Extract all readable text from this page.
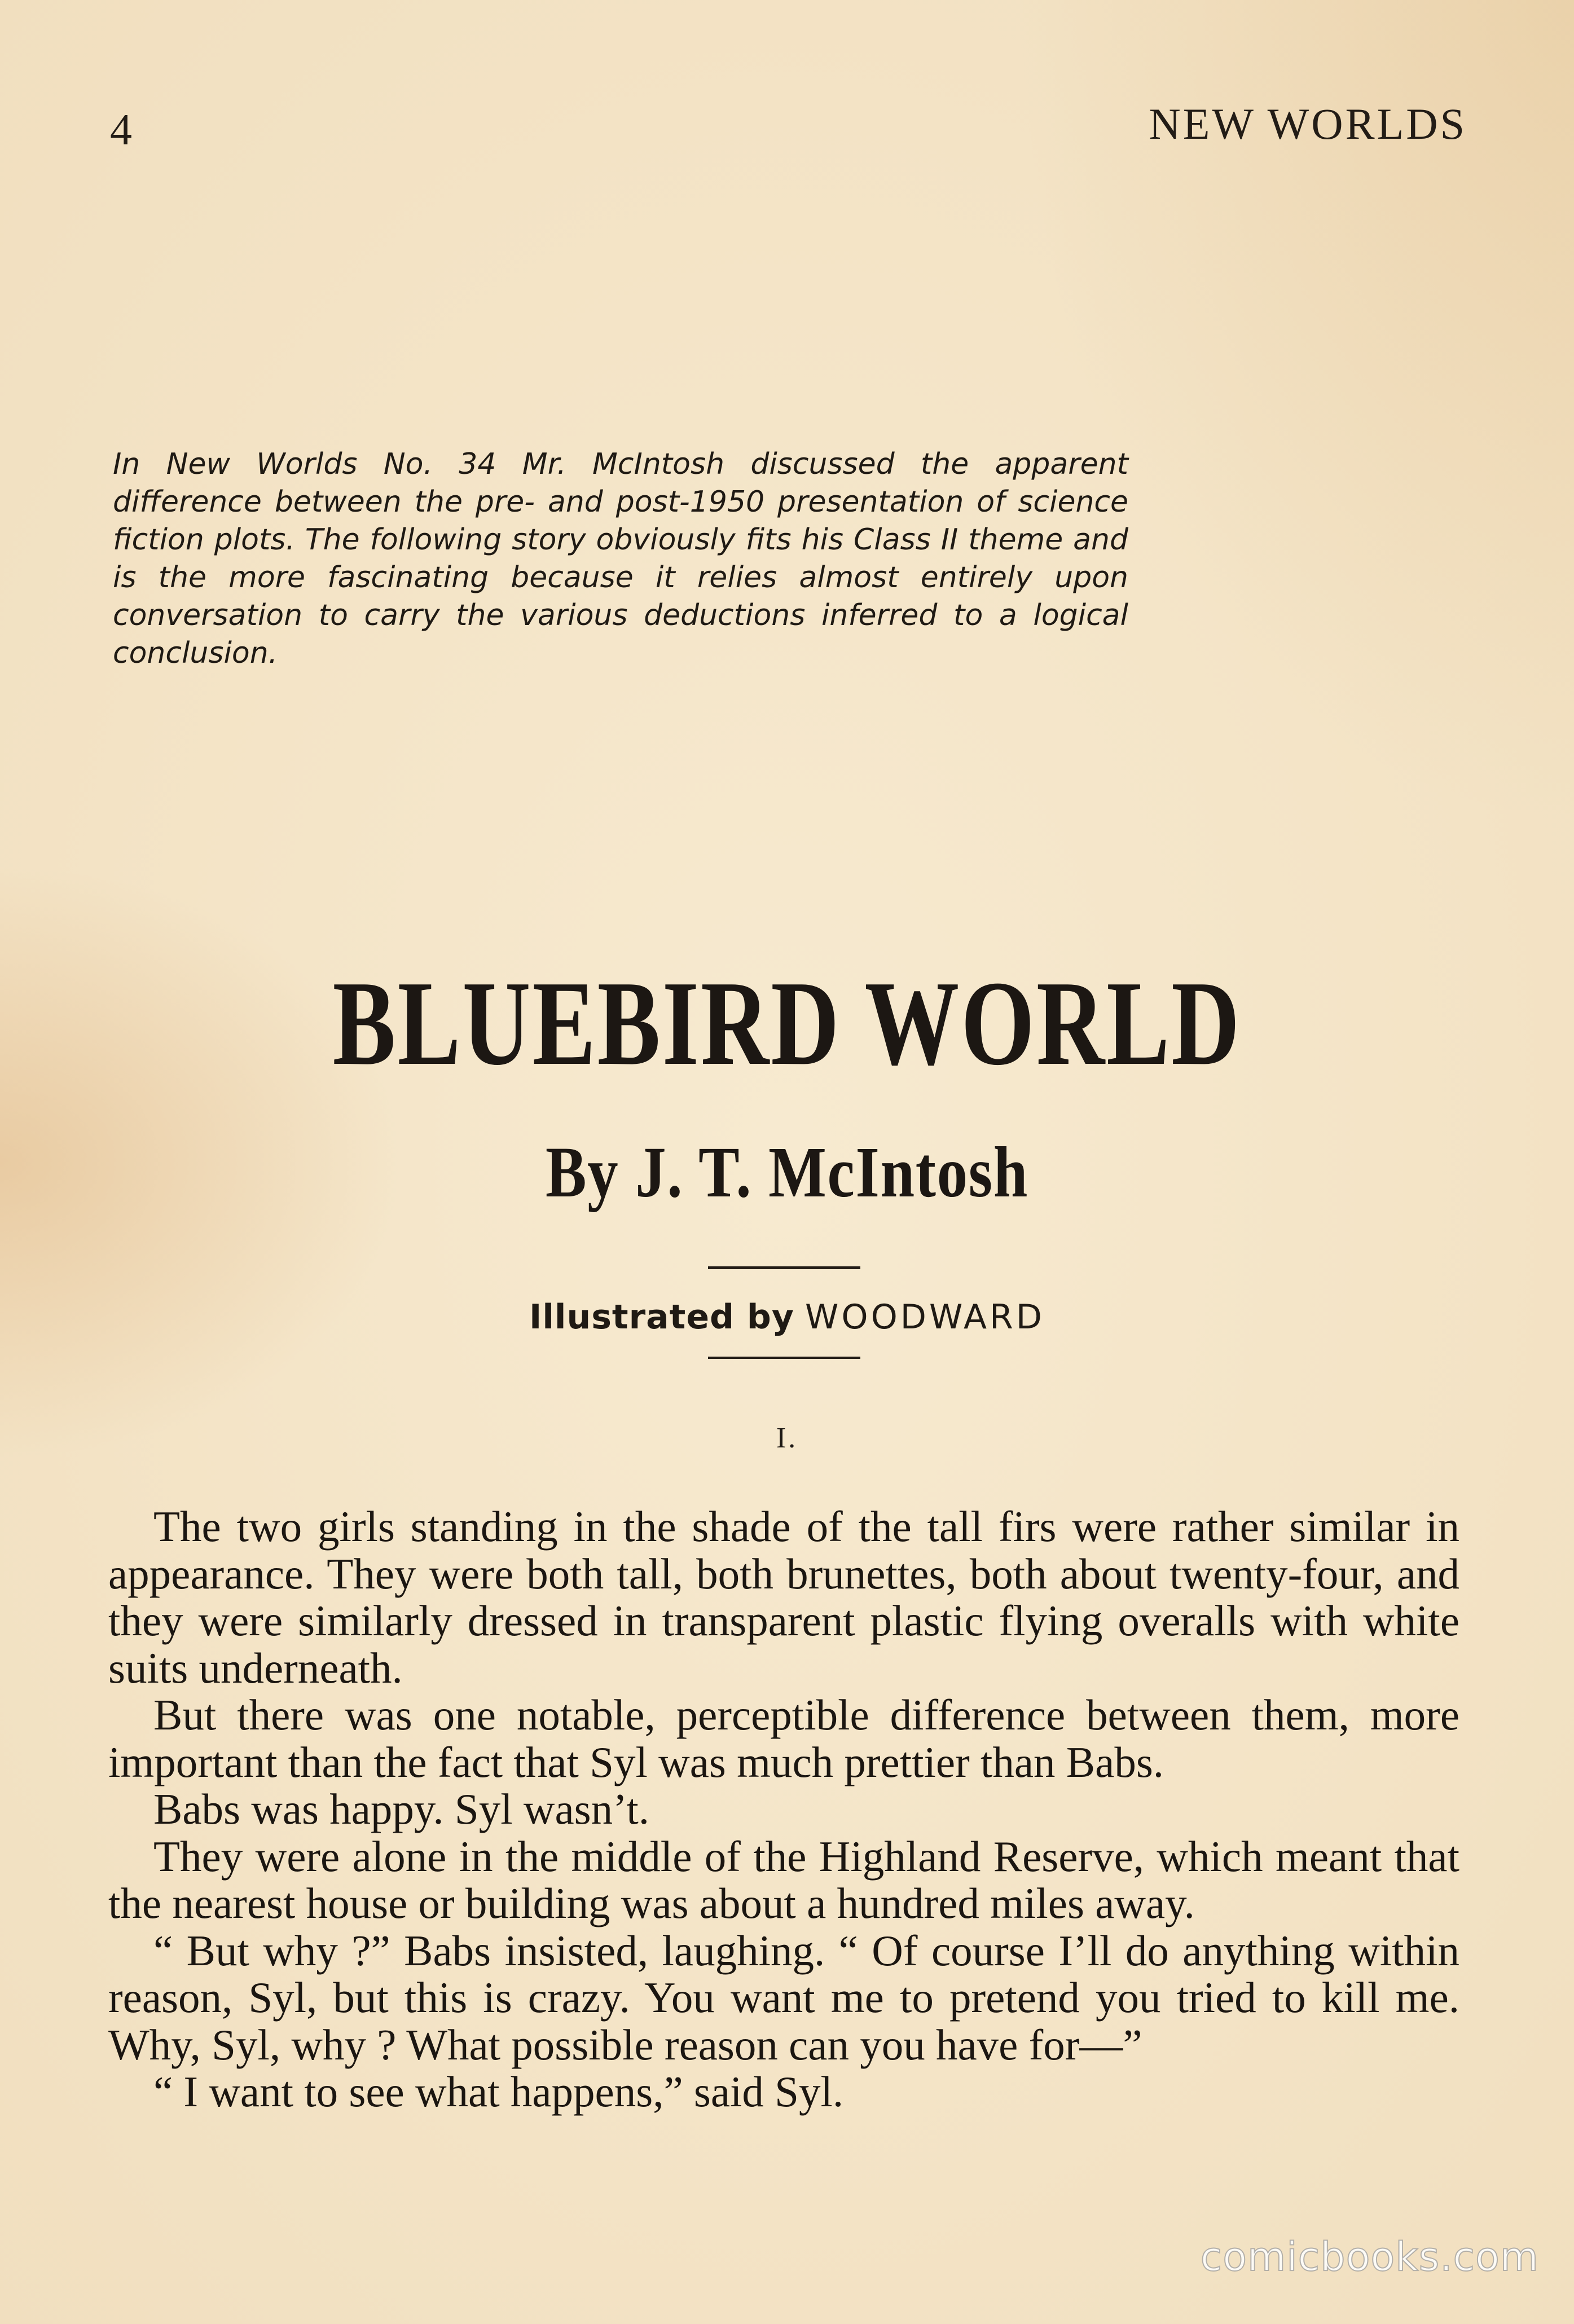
4	NEW WORLDS
In New Worlds No. 34 Mr. McIntosh discussed the apparent difference between the pre- and post-1950 presentation of science fiction plots. The following story obviously fits his Class II theme and is the more fascinating because it relies almost entirely upon conversation to carry the various deductions inferred to a logical conclusion.
BLUEBIRD WORLD
By J. T. McIntosh
Illustrated by WOODWARD
I.

The two girls standing in the shade of the tall firs were rather similar in appearance. They were both tall, both brunettes, both about twenty-four, and they were similarly dressed in transparent plastic flying overalls with white suits underneath.

But there was one notable, perceptible difference between them, more important than the fact that Syl was much prettier than Babs.

Babs was happy. Syl wasn’t.

They were alone in the middle of the Highland Reserve, which meant that the nearest house or building was about a hundred miles away.

“ But why ?” Babs insisted, laughing. “ Of course I’ll do anything within reason, Syl, but this is crazy. You want me to pretend you tried to kill me. Why, Syl, why ? What possible reason can you have for—”

“ I want to see what happens,” said Syl.

comicbooks.com
